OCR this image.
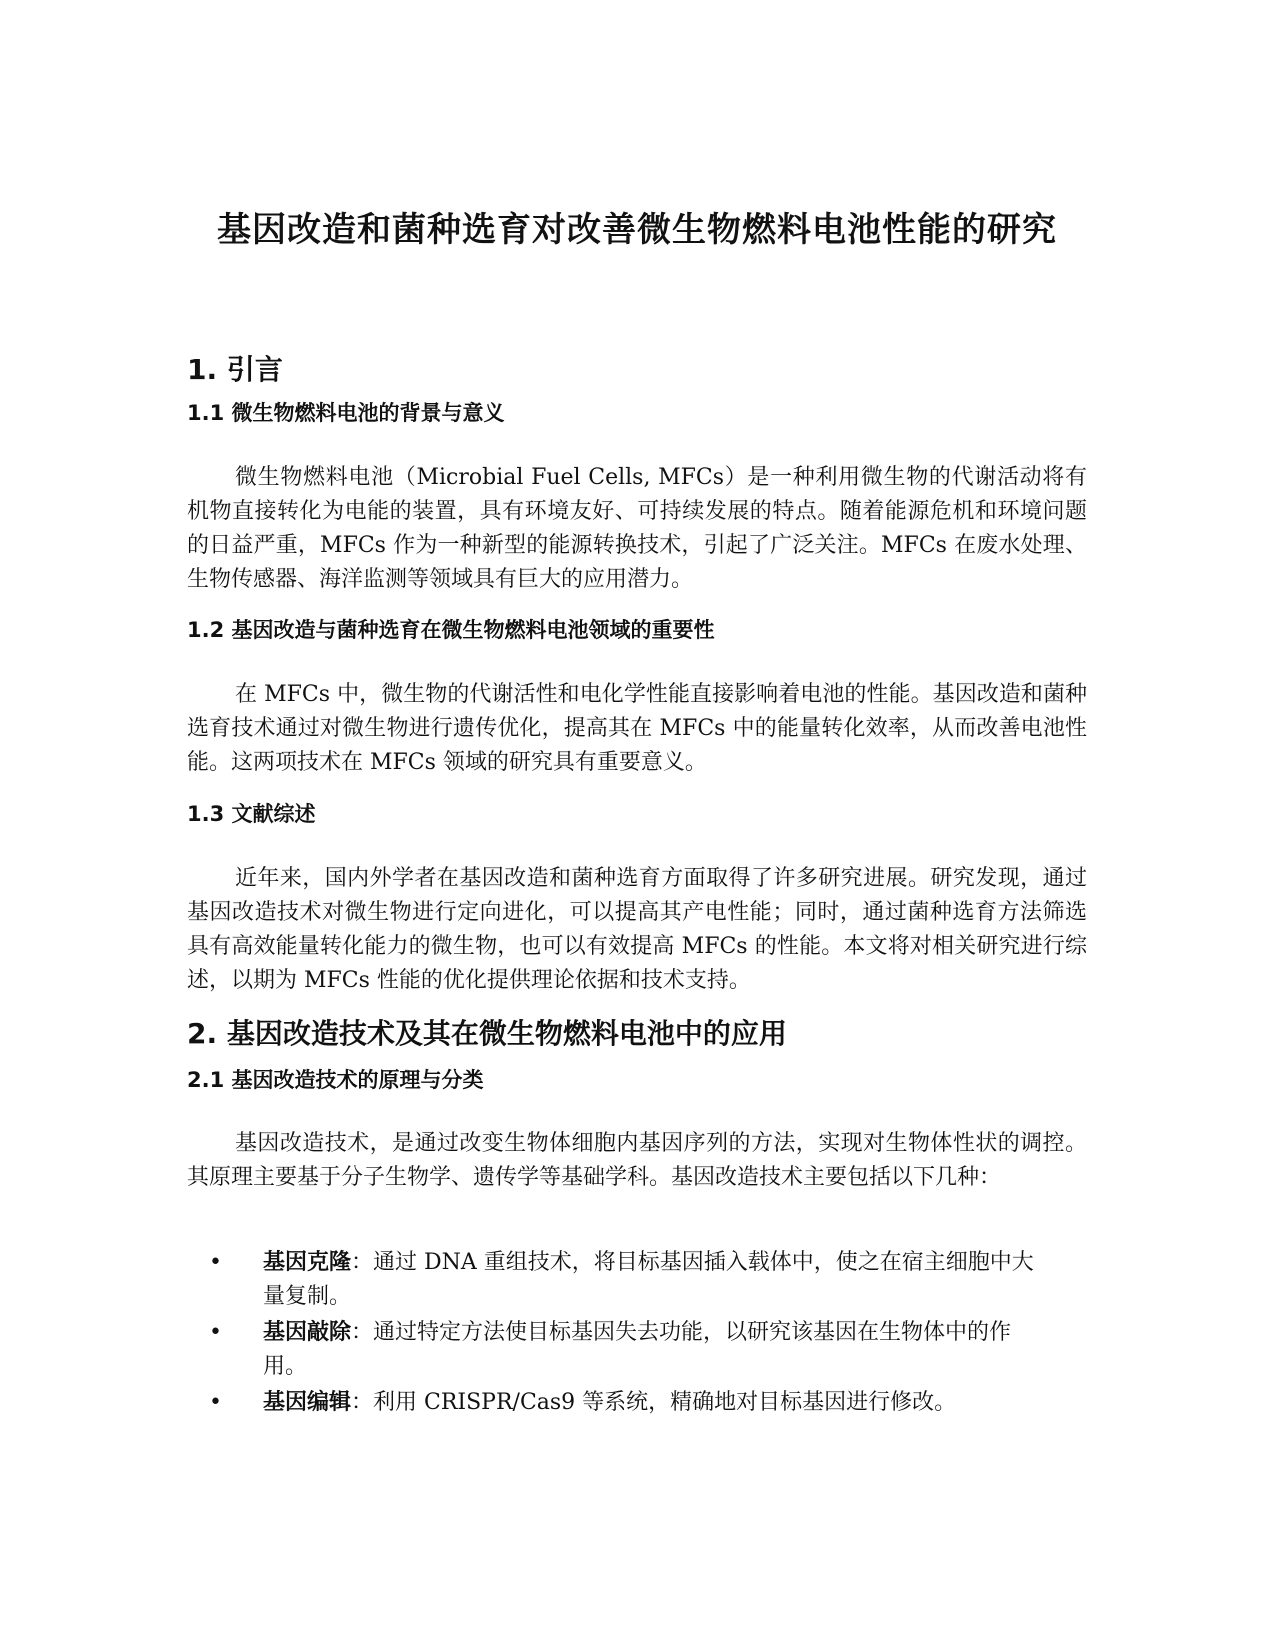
基因改造和菌种选育对改善微生物燃料电池性能的研究
1. 引言
1.1 微生物燃料电池的背景与意义

微生物燃料电池（Microbial Fuel Cells, MFCs）是一种利用微生物的代谢活动将有机物直接转化为电能的装置，具有环境友好、可持续发展的特点。随着能源危机和环境问题的日益严重，MFCs 作为一种新型的能源转换技术，引起了广泛关注。MFCs 在废水处理、生物传感器、海洋监测等领域具有巨大的应用潜力。

1.2 基因改造与菌种选育在微生物燃料电池领域的重要性

在 MFCs 中，微生物的代谢活性和电化学性能直接影响着电池的性能。基因改造和菌种选育技术通过对微生物进行遗传优化，提高其在 MFCs 中的能量转化效率，从而改善电池性能。这两项技术在 MFCs 领域的研究具有重要意义。

1.3 文献综述

近年来，国内外学者在基因改造和菌种选育方面取得了许多研究进展。研究发现，通过基因改造技术对微生物进行定向进化，可以提高其产电性能；同时，通过菌种选育方法筛选具有高效能量转化能力的微生物，也可以有效提高 MFCs 的性能。本文将对相关研究进行综述，以期为 MFCs 性能的优化提供理论依据和技术支持。

2. 基因改造技术及其在微生物燃料电池中的应用
2.1 基因改造技术的原理与分类

基因改造技术，是通过改变生物体细胞内基因序列的方法，实现对生物体性状的调控。其原理主要基于分子生物学、遗传学等基础学科。基因改造技术主要包括以下几种：

• 基因克隆：通过 DNA 重组技术，将目标基因插入载体中，使之在宿主细胞中大量复制。
• 基因敲除：通过特定方法使目标基因失去功能，以研究该基因在生物体中的作用。
• 基因编辑：利用 CRISPR/Cas9 等系统，精确地对目标基因进行修改。
